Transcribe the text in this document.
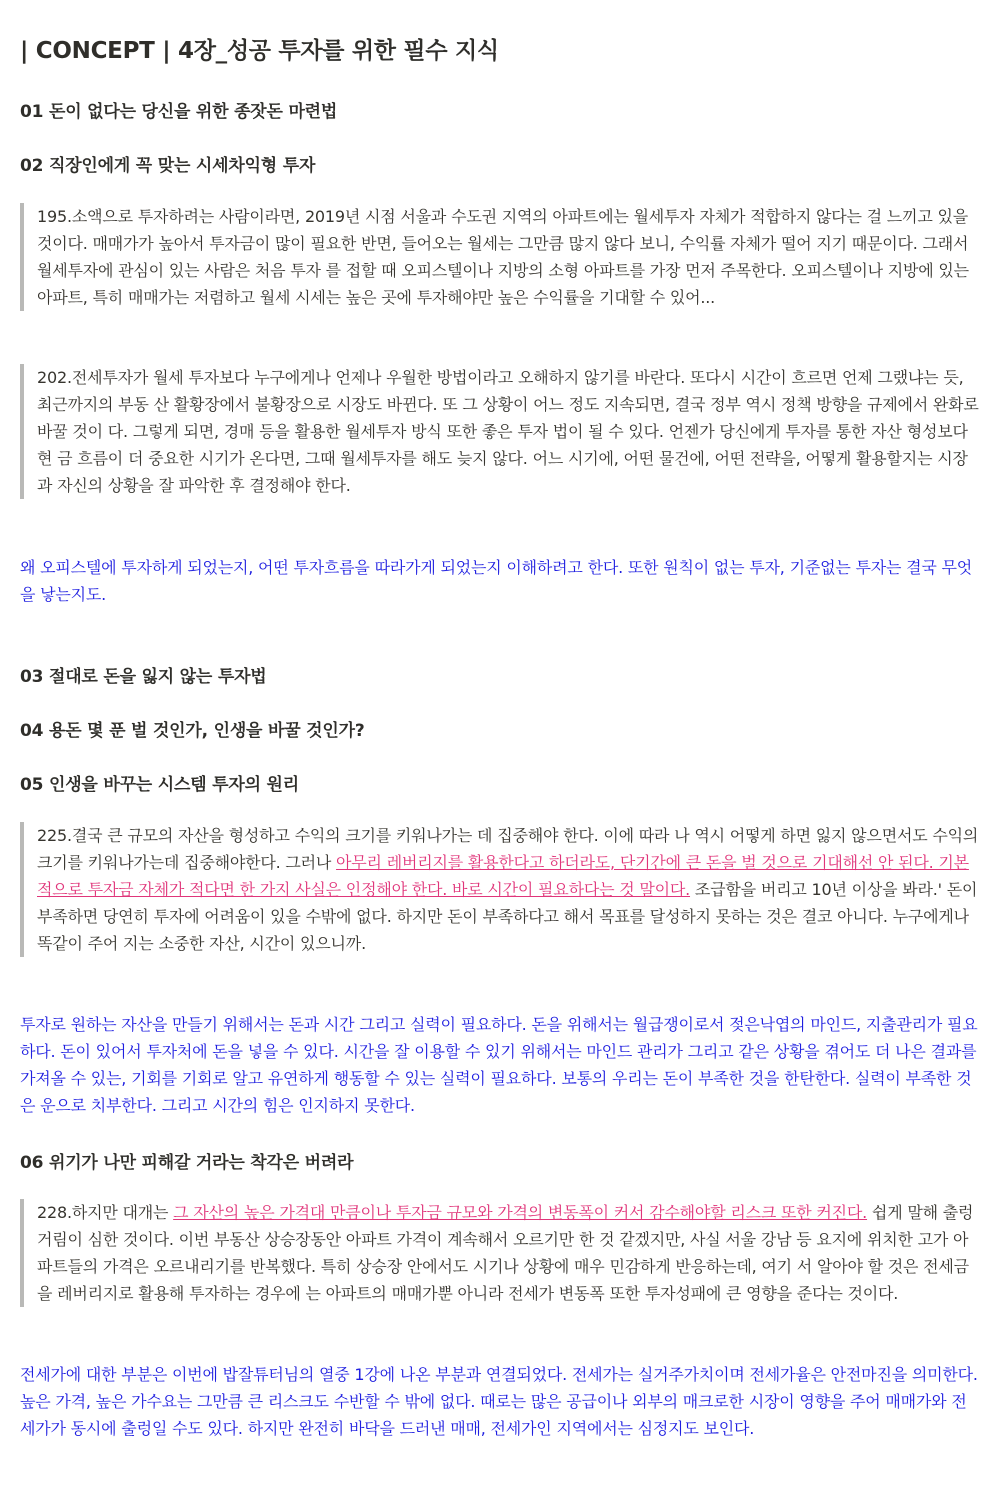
| CONCEPT | 4장_성공 투자를 위한 필수 지식
01 돈이 없다는 당신을 위한 종잣돈 마련법
02 직장인에게 꼭 맞는 시세차익형 투자
195.소액으로 투자하려는 사람이라면, 2019년 시점 서울과 수도권 지역의 아파트에는 월세투자 자체가 적합하지 않다는 걸 느끼고 있을 것이다. 매매가가 높아서 투자금이 많이 필요한 반면, 들어오는 월세는 그만큼 많지 않다 보니, 수익률 자체가 떨어 지기 때문이다. 그래서 월세투자에 관심이 있는 사람은 처음 투자 를 접할 때 오피스텔이나 지방의 소형 아파트를 가장 먼저 주목한다. 오피스텔이나 지방에 있는 아파트, 특히 매매가는 저렴하고 월세 시세는 높은 곳에 투자해야만 높은 수익률을 기대할 수 있어...
202.전세투자가 월세 투자보다 누구에게나 언제나 우월한 방법이라고 오해하지 않기를 바란다. 또다시 시간이 흐르면 언제 그랬냐는 듯, 최근까지의 부동 산 활황장에서 불황장으로 시장도 바뀐다. 또 그 상황이 어느 정도 지속되면, 결국 정부 역시 정책 방향을 규제에서 완화로 바꿀 것이 다. 그렇게 되면, 경매 등을 활용한 월세투자 방식 또한 좋은 투자 법이 될 수 있다. 언젠가 당신에게 투자를 통한 자산 형성보다 현 금 흐름이 더 중요한 시기가 온다면, 그때 월세투자를 해도 늦지 않다. 어느 시기에, 어떤 물건에, 어떤 전략을, 어떻게 활용할지는 시장과 자신의 상황을 잘 파악한 후 결정해야 한다.
왜 오피스텔에 투자하게 되었는지, 어떤 투자흐름을 따라가게 되었는지 이해하려고 한다. 또한 원칙이 없는 투자, 기준없는 투자는 결국 무엇을 낳는지도.
03 절대로 돈을 잃지 않는 투자법
04 용돈 몇 푼 벌 것인가, 인생을 바꿀 것인가?
05 인생을 바꾸는 시스템 투자의 원리
225.결국 큰 규모의 자산을 형성하고 수익의 크기를 키워나가는 데 집중해야 한다. 이에 따라 나 역시 어떻게 하면 잃지 않으면서도 수익의 크기를 키워나가는데 집중해야한다. 그러나 아무리 레버리지를 활용한다고 하더라도, 단기간에 큰 돈을 벌 것으로 기대해선 안 된다. 기본적으로 투자금 자체가 적다면 한 가지 사실은 인정해야 한다. 바로 시간이 필요하다는 것 말이다. 조급함을 버리고 10년 이상을 봐라.' 돈이 부족하면 당연히 투자에 어려움이 있을 수밖에 없다. 하지만 돈이 부족하다고 해서 목표를 달성하지 못하는 것은 결코 아니다. 누구에게나 똑같이 주어 지는 소중한 자산, 시간이 있으니까.
투자로 원하는 자산을 만들기 위해서는 돈과 시간 그리고 실력이 필요하다. 돈을 위해서는 월급쟁이로서 젖은낙엽의 마인드, 지출관리가 필요하다. 돈이 있어서 투자처에 돈을 넣을 수 있다. 시간을 잘 이용할 수 있기 위해서는 마인드 관리가 그리고 같은 상황을 겪어도 더 나은 결과를 가져올 수 있는, 기회를 기회로 알고 유연하게 행동할 수 있는 실력이 필요하다. 보통의 우리는 돈이 부족한 것을 한탄한다. 실력이 부족한 것은 운으로 치부한다. 그리고 시간의 힘은 인지하지 못한다.
06 위기가 나만 피해갈 거라는 착각은 버려라
228.하지만 대개는 그 자산의 높은 가격대 만큼이나 투자금 규모와 가격의 변동폭이 커서 감수해야할 리스크 또한 커진다. 쉽게 말해 출렁거림이 심한 것이다. 이번 부동산 상승장동안 아파트 가격이 계속해서 오르기만 한 것 같겠지만, 사실 서울 강남 등 요지에 위치한 고가 아파트들의 가격은 오르내리기를 반복했다. 특히 상승장 안에서도 시기나 상황에 매우 민감하게 반응하는데, 여기 서 알아야 할 것은 전세금을 레버리지로 활용해 투자하는 경우에 는 아파트의 매매가뿐 아니라 전세가 변동폭 또한 투자성패에 큰 영향을 준다는 것이다.
전세가에 대한 부분은 이번에 밥잘튜터님의 열중 1강에 나온 부분과 연결되었다. 전세가는 실거주가치이며 전세가율은 안전마진을 의미한다. 높은 가격, 높은 가수요는 그만큼 큰 리스크도 수반할 수 밖에 없다. 때로는 많은 공급이나 외부의 매크로한 시장이 영향을 주어 매매가와 전세가가 동시에 출렁일 수도 있다. 하지만 완전히 바닥을 드러낸 매매, 전세가인 지역에서는 심정지도 보인다.
